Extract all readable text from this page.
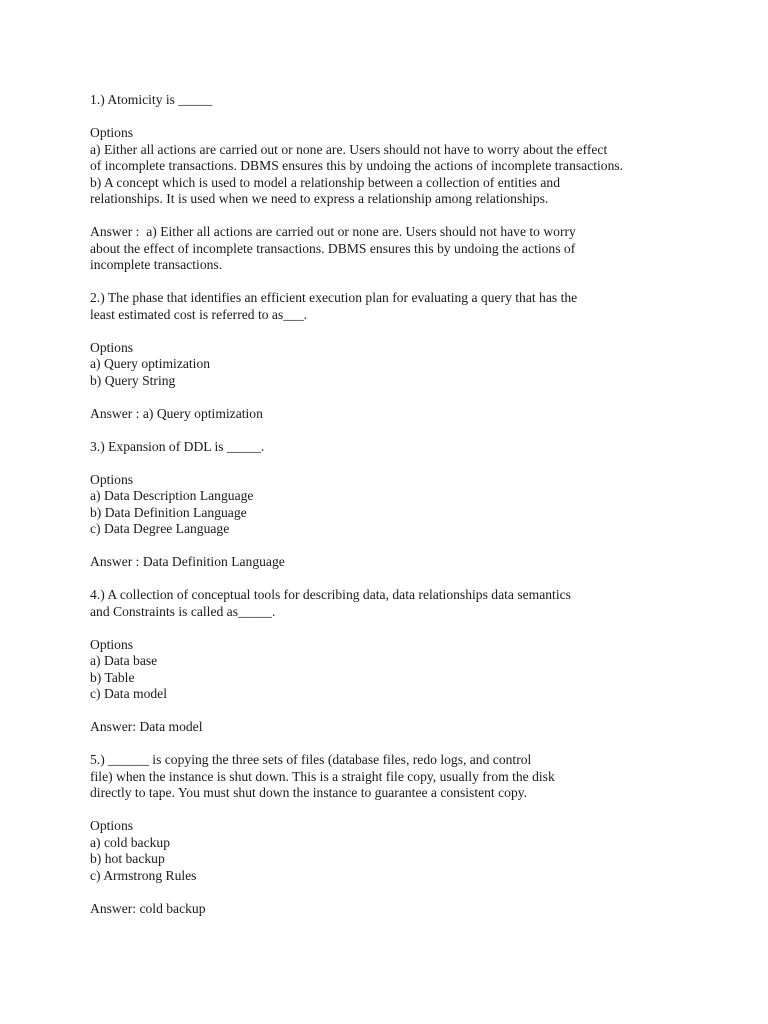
1.) Atomicity is _____
Options
a) Either all actions are carried out or none are. Users should not have to worry about the effect
of incomplete transactions. DBMS ensures this by undoing the actions of incomplete transactions.
b) A concept which is used to model a relationship between a collection of entities and
relationships. It is used when we need to express a relationship among relationships.
Answer :  a) Either all actions are carried out or none are. Users should not have to worry
about the effect of incomplete transactions. DBMS ensures this by undoing the actions of
incomplete transactions.
2.) The phase that identifies an efficient execution plan for evaluating a query that has the
least estimated cost is referred to as___.
Options
a) Query optimization
b) Query String
Answer : a) Query optimization
3.) Expansion of DDL is _____.
Options
a) Data Description Language
b) Data Definition Language
c) Data Degree Language
Answer : Data Definition Language
4.) A collection of conceptual tools for describing data, data relationships data semantics
and Constraints is called as_____.
Options
a) Data base
b) Table
c) Data model
Answer: Data model
5.) ______ is copying the three sets of files (database files, redo logs, and control
file) when the instance is shut down. This is a straight file copy, usually from the disk
directly to tape. You must shut down the instance to guarantee a consistent copy.
Options
a) cold backup
b) hot backup
c) Armstrong Rules
Answer: cold backup
